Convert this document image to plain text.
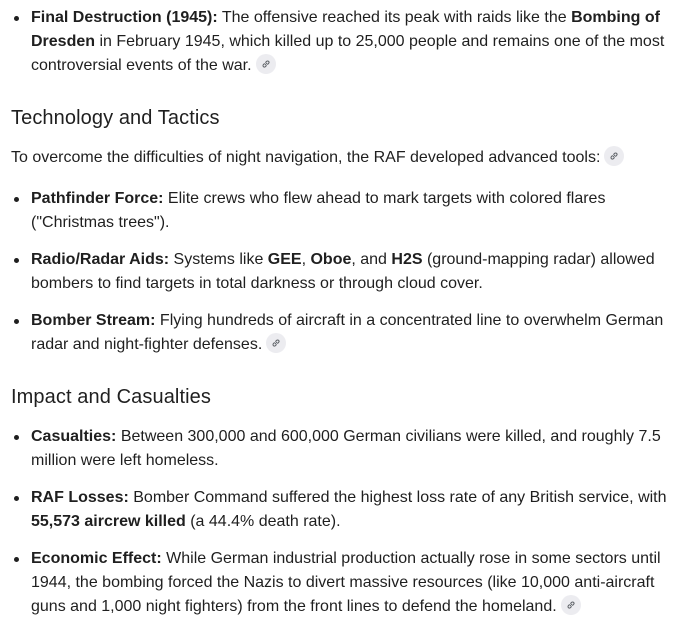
Final Destruction (1945): The offensive reached its peak with raids like the Bombing of Dresden in February 1945, which killed up to 25,000 people and remains one of the most controversial events of the war.
Technology and Tactics

To overcome the difficulties of night navigation, the RAF developed advanced tools:

Pathfinder Force: Elite crews who flew ahead to mark targets with colored flares ("Christmas trees").
Radio/Radar Aids: Systems like GEE, Oboe, and H2S (ground-mapping radar) allowed bombers to find targets in total darkness or through cloud cover.
Bomber Stream: Flying hundreds of aircraft in a concentrated line to overwhelm German radar and night-fighter defenses.
Impact and Casualties
Casualties: Between 300,000 and 600,000 German civilians were killed, and roughly 7.5 million were left homeless.
RAF Losses: Bomber Command suffered the highest loss rate of any British service, with 55,573 aircrew killed (a 44.4% death rate).
Economic Effect: While German industrial production actually rose in some sectors until 1944, the bombing forced the Nazis to divert massive resources (like 10,000 anti-aircraft guns and 1,000 night fighters) from the front lines to defend the homeland.
